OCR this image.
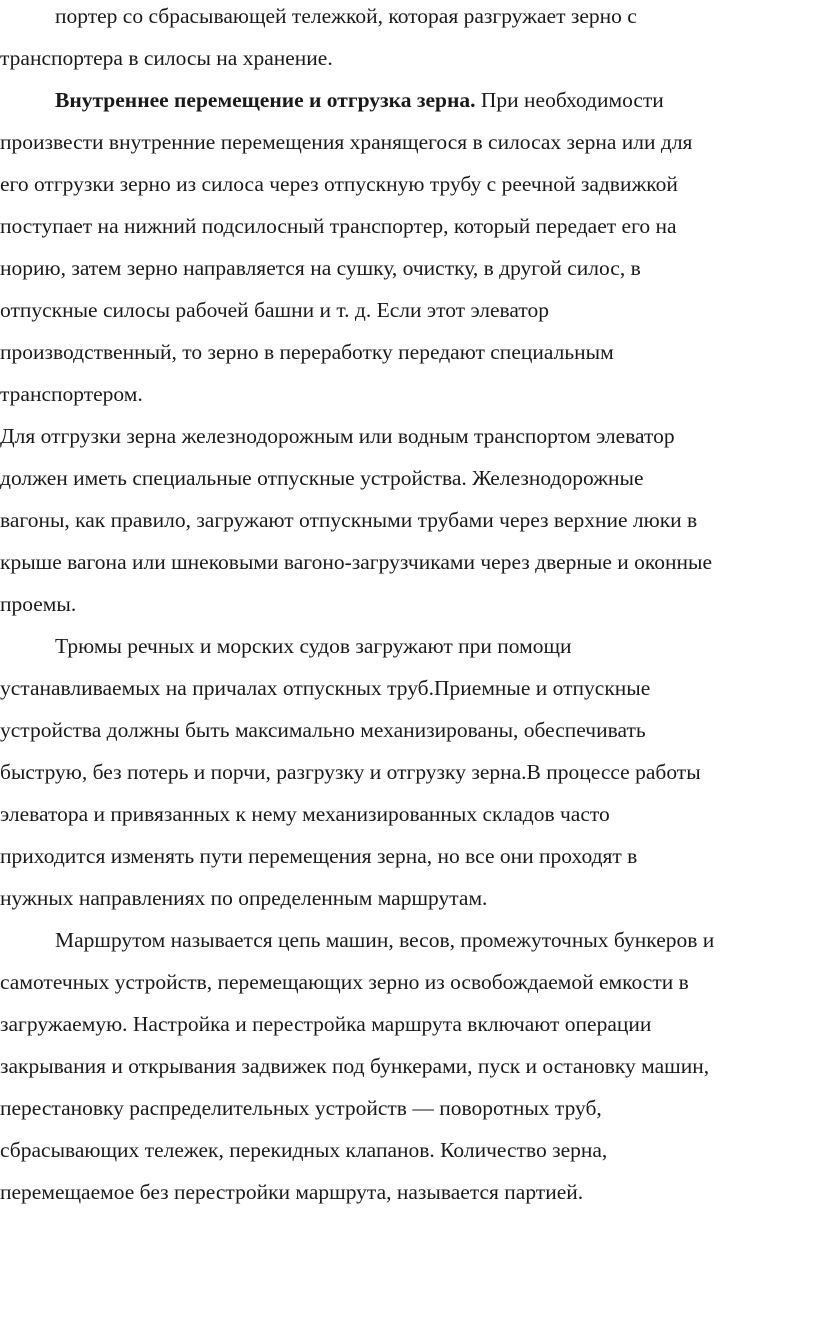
портер со сбрасывающей тележкой, которая разгружает зерно с

транспортера в силосы на хранение.

Внутреннее перемещение и отгрузка зерна. При необходимости

произвести внутренние перемещения хранящегося в силосах зерна или для

его отгрузки зерно из силоса через отпускную трубу с реечной задвижкой

поступает на нижний подсилосный транспортер, который передает его на

норию, затем зерно направляется на сушку, очистку, в другой силос, в

отпускные силосы рабочей башни и т. д. Если этот элеватор

производственный, то зерно в переработку передают специальным

транспортером.

Для отгрузки зерна железнодорожным или водным транспортом элеватор

должен иметь специальные отпускные устройства. Железнодорожные

вагоны, как правило, загружают отпускными трубами через верхние люки в

крыше вагона или шнековыми вагоно-загрузчиками через дверные и оконные

проемы.

Трюмы речных и морских судов загружают при помощи

устанавливаемых на причалах отпускных труб.Приемные и отпускные

устройства должны быть максимально механизированы, обеспечивать

быструю, без потерь и порчи, разгрузку и отгрузку зерна.В процессе работы

элеватора и привязанных к нему механизированных складов часто

приходится изменять пути перемещения зерна, но все они проходят в

нужных направлениях по определенным маршрутам.

Маршрутом называется цепь машин, весов, промежуточных бункеров и

самотечных устройств, перемещающих зерно из освобождаемой емкости в

загружаемую. Настройка и перестройка маршрута включают операции

закрывания и открывания задвижек под бункерами, пуск и остановку машин,

перестановку распределительных устройств — поворотных труб,

сбрасывающих тележек, перекидных клапанов. Количество зерна,

перемещаемое без перестройки маршрута, называется партией.
